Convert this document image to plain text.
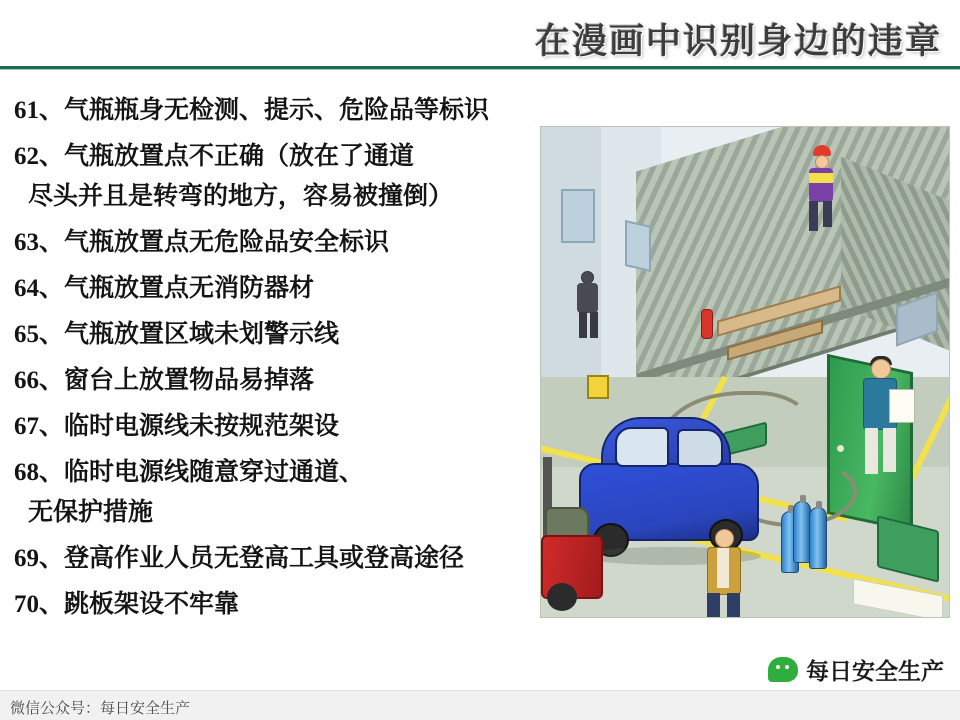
在漫画中识别身边的违章
61、气瓶瓶身无检测、提示、危险品等标识
62、气瓶放置点不正确（放在了通道
尽头并且是转弯的地方，容易被撞倒）
63、气瓶放置点无危险品安全标识
64、气瓶放置点无消防器材
65、气瓶放置区域未划警示线
66、窗台上放置物品易掉落
67、临时电源线未按规范架设
68、临时电源线随意穿过通道、
无保护措施
69、登高作业人员无登高工具或登高途径
70、跳板架设不牢靠
每日安全生产
微信公众号：每日安全生产
